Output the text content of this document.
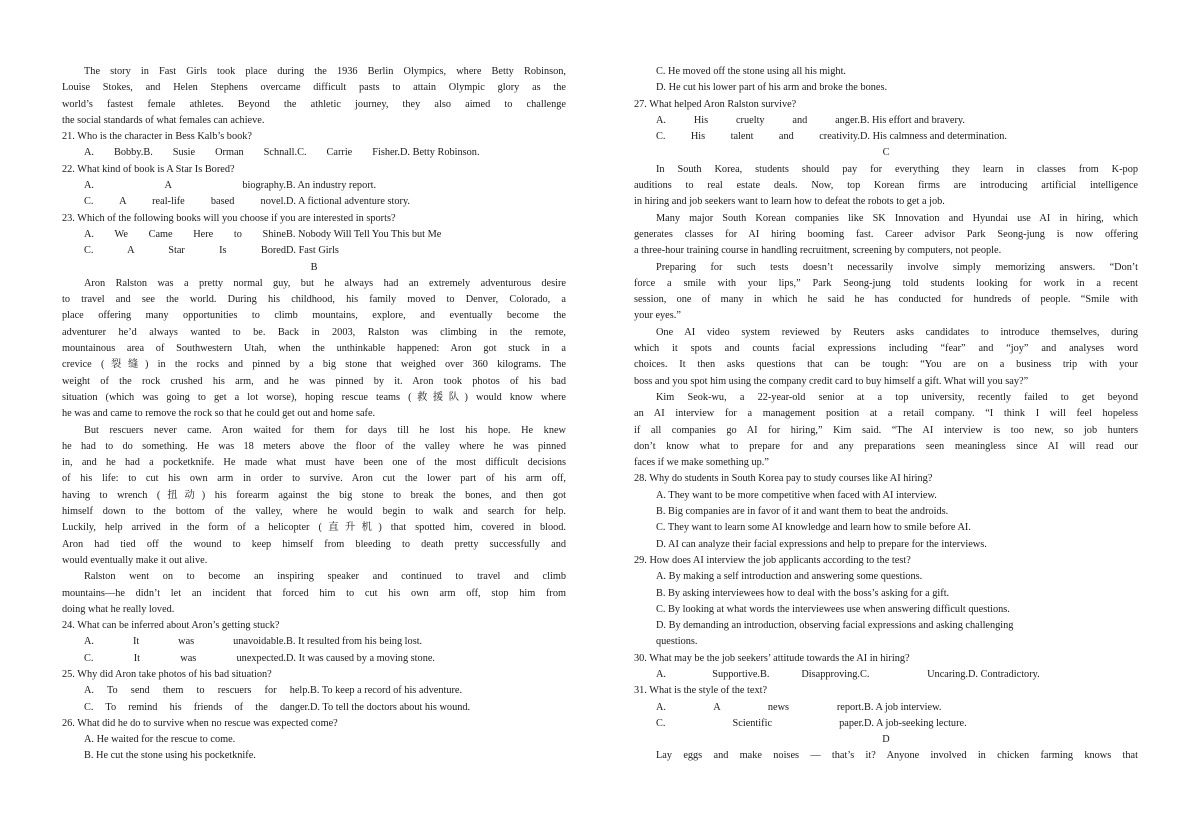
The story in Fast Girls took place during the 1936 Berlin Olympics, where Betty Robinson,
Louise Stokes, and Helen Stephens overcame difficult pasts to attain Olympic glory as the
world’s fastest female athletes. Beyond the athletic journey, they also aimed to challenge
the social standards of what females can achieve.
21. Who is the character in Bess Kalb’s book?
A. Bobby.B. Susie Orman Schnall.C. Carrie Fisher. D. Betty Robinson.
22. What kind of book is A Star Is Bored?
A. A biography. B. An industry report.
C. A real-life based novel. D. A fictional adventure story.
23. Which of the following books will you choose if you are interested in sports?
A. We Came Here to Shine B. Nobody Will Tell You This but Me
C. A Star Is Bored D. Fast Girls
B
Aron Ralston was a pretty normal guy, but he always had an extremely adventurous desire
to travel and see the world. During his childhood, his family moved to Denver, Colorado, a
place offering many opportunities to climb mountains, explore, and eventually become the
adventurer he’d always wanted to be. Back in 2003, Ralston was climbing in the remote,
mountainous area of Southwestern Utah, when the unthinkable happened: Aron got stuck in a
crevice (裂缝) in the rocks and pinned by a big stone that weighed over 360 kilograms. The
weight of the rock crushed his arm, and he was pinned by it. Aron took photos of his bad
situation (which was going to get a lot worse), hoping rescue teams (救援队) would know where
he was and came to remove the rock so that he could get out and home safe.
But rescuers never came. Aron waited for them for days till he lost his hope. He knew
he had to do something. He was 18 meters above the floor of the valley where he was pinned
in, and he had a pocketknife. He made what must have been one of the most difficult decisions
of his life: to cut his own arm in order to survive. Aron cut the lower part of his arm off,
having to wrench (扭动) his forearm against the big stone to break the bones, and then got
himself down to the bottom of the valley, where he would begin to walk and search for help.
Luckily, help arrived in the form of a helicopter (直升机) that spotted him, covered in blood.
Aron had tied off the wound to keep himself from bleeding to death pretty successfully and
would eventually make it out alive.
Ralston went on to become an inspiring speaker and continued to travel and climb
mountains—he didn’t let an incident that forced him to cut his own arm off, stop him from
doing what he really loved.
24. What can be inferred about Aron’s getting stuck?
A. It was unavoidable. B. It resulted from his being lost.
C. It was unexpected. D. It was caused by a moving stone.
25. Why did Aron take photos of his bad situation?
A. To send them to rescuers for help. B. To keep a record of his adventure.
C. To remind his friends of the danger. D. To tell the doctors about his wound.
26. What did he do to survive when no rescue was expected come?
A. He waited for the rescue to come.
B. He cut the stone using his pocketknife.
C. He moved off the stone using all his might.
D. He cut his lower part of his arm and broke the bones.
27. What helped Aron Ralston survive?
A. His cruelty and anger. B. His effort and bravery.
C. His talent and creativity. D. His calmness and determination.
C
In South Korea, students should pay for everything they learn in classes from K-pop
auditions to real estate deals. Now, top Korean firms are introducing artificial intelligence
in hiring and job seekers want to learn how to defeat the robots to get a job.
Many major South Korean companies like SK Innovation and Hyundai use AI in hiring, which
generates classes for AI hiring booming fast. Career advisor Park Seong-jung is now offering
a three-hour training course in handling recruitment, screening by computers, not people.
Preparing for such tests doesn’t necessarily involve simply memorizing answers. “Don’t
force a smile with your lips,” Park Seong-jung told students looking for work in a recent
session, one of many in which he said he has conducted for hundreds of people. “Smile with
your eyes.”
One AI video system reviewed by Reuters asks candidates to introduce themselves, during
which it spots and counts facial expressions including “fear” and “joy” and analyses word
choices. It then asks questions that can be tough: “You are on a business trip with your
boss and you spot him using the company credit card to buy himself a gift. What will you say?”
Kim Seok-wu, a 22-year-old senior at a top university, recently failed to get beyond
an AI interview for a management position at a retail company. “I think I will feel hopeless
if all companies go AI for hiring,” Kim said. “The AI interview is too new, so job hunters
don’t know what to prepare for and any preparations seen meaningless since AI will read our
faces if we make something up.”
28. Why do students in South Korea pay to study courses like AI hiring?
A. They want to be more competitive when faced with AI interview.
B. Big companies are in favor of it and want them to beat the androids.
C. They want to learn some AI knowledge and learn how to smile before AI.
D. AI can analyze their facial expressions and help to prepare for the interviews.
29. How does AI interview the job applicants according to the test?
A. By making a self introduction and answering some questions.
B. By asking interviewees how to deal with the boss’s asking for a gift.
C. By looking at what words the interviewees use when answering difficult questions.
D. By demanding an introduction, observing facial expressions and asking challenging
questions.
30. What may be the job seekers’ attitude towards the AI in hiring?
A. Supportive. B. Disapproving. C. Uncaring. D. Contradictory.
31. What is the style of the text?
A. A news report. B. A job interview.
C. Scientific paper. D. A job-seeking lecture.
D
Lay eggs and make noises — that’s it? Anyone involved in chicken farming knows that
